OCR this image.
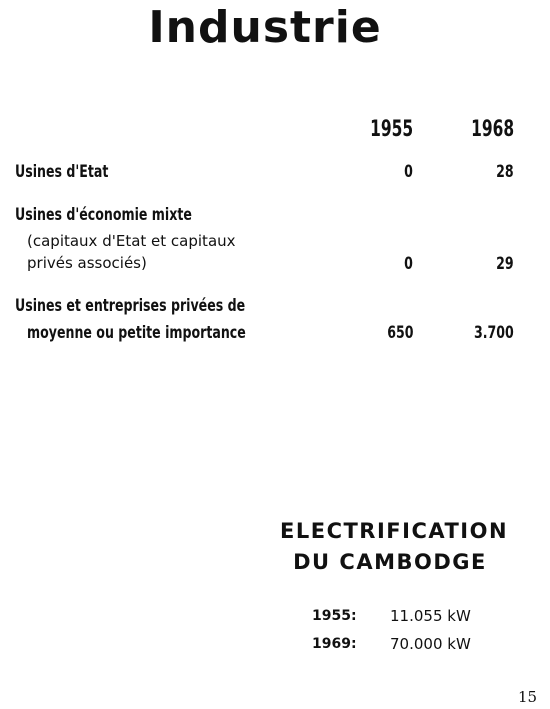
Industrie
1955	1968
Usines d'Etat	0	28
Usines d'économie mixte
(capitaux d'Etat et capitaux
privés associés)	0	29
Usines et entreprises privées de
moyenne ou petite importance	650	3.700
ELECTRIFICATION
DU CAMBODGE
1955: 11.055 kW
1969: 70.000 kW
15
